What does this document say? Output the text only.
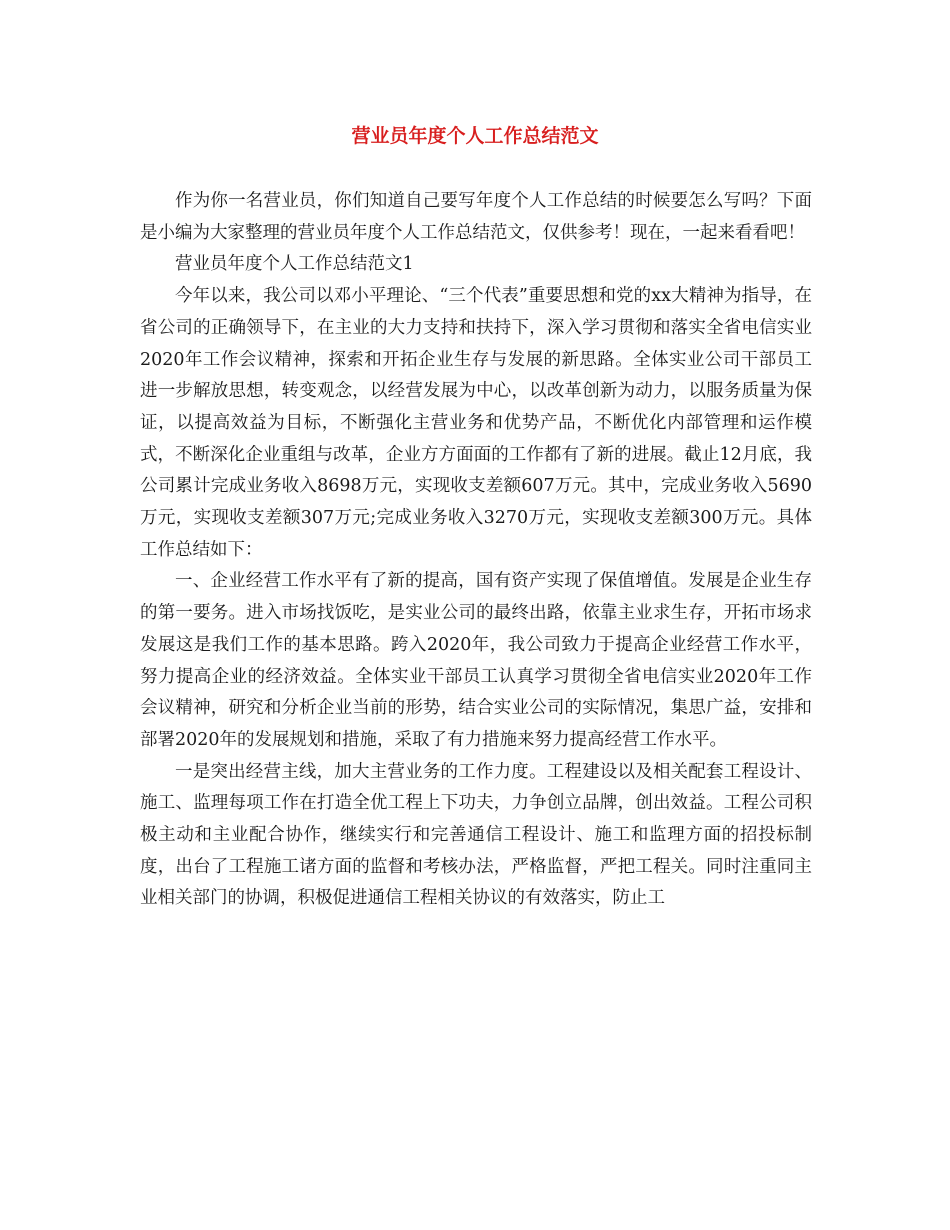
营业员年度个人工作总结范文

作为你一名营业员，你们知道自己要写年度个人工作总结的时候要怎么写吗？下面是小编为大家整理的营业员年度个人工作总结范文，仅供参考！现在，一起来看看吧！

营业员年度个人工作总结范文1

今年以来，我公司以邓小平理论、“三个代表”重要思想和党的xx大精神为指导，在省公司的正确领导下，在主业的大力支持和扶持下，深入学习贯彻和落实全省电信实业2020年工作会议精神，探索和开拓企业生存与发展的新思路。全体实业公司干部员工进一步解放思想，转变观念，以经营发展为中心，以改革创新为动力，以服务质量为保证，以提高效益为目标，不断强化主营业务和优势产品，不断优化内部管理和运作模式，不断深化企业重组与改革，企业方方面面的工作都有了新的进展。截止12月底，我公司累计完成业务收入8698万元，实现收支差额607万元。其中，完成业务收入5690万元，实现收支差额307万元;完成业务收入3270万元，实现收支差额300万元。具体工作总结如下：

一、企业经营工作水平有了新的提高，国有资产实现了保值增值。发展是企业生存的第一要务。进入市场找饭吃，是实业公司的最终出路，依靠主业求生存，开拓市场求发展这是我们工作的基本思路。跨入2020年，我公司致力于提高企业经营工作水平，努力提高企业的经济效益。全体实业干部员工认真学习贯彻全省电信实业2020年工作会议精神，研究和分析企业当前的形势，结合实业公司的实际情况，集思广益，安排和部署2020年的发展规划和措施，采取了有力措施来努力提高经营工作水平。

一是突出经营主线，加大主营业务的工作力度。工程建设以及相关配套工程设计、施工、监理每项工作在打造全优工程上下功夫，力争创立品牌，创出效益。工程公司积极主动和主业配合协作，继续实行和完善通信工程设计、施工和监理方面的招投标制度，出台了工程施工诸方面的监督和考核办法，严格监督，严把工程关。同时注重同主业相关部门的协调，积极促进通信工程相关协议的有效落实，防止工
